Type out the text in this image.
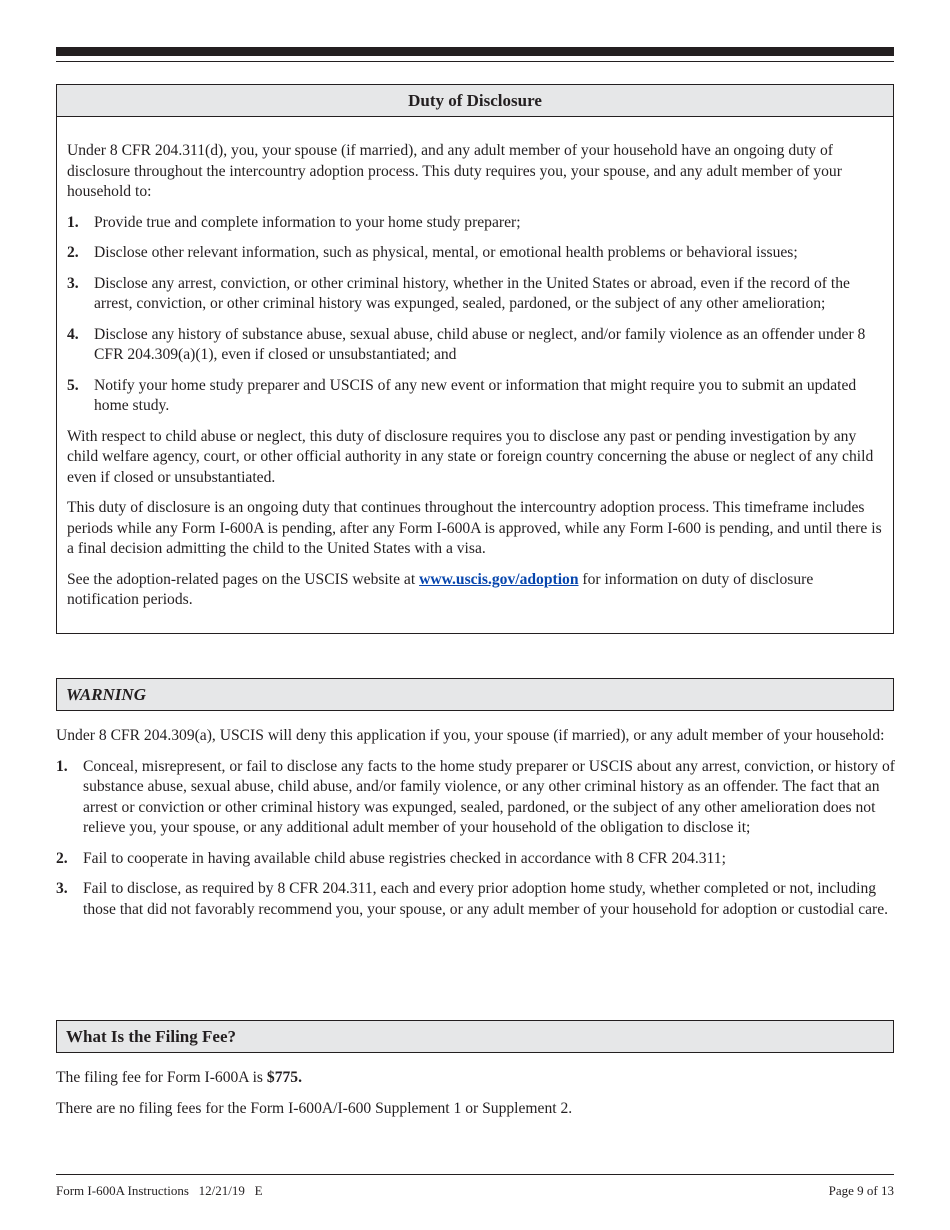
Duty of Disclosure

Under 8 CFR 204.311(d), you, your spouse (if married), and any adult member of your household have an ongoing duty of disclosure throughout the intercountry adoption process. This duty requires you, your spouse, and any adult member of your household to:

1. Provide true and complete information to your home study preparer;
2. Disclose other relevant information, such as physical, mental, or emotional health problems or behavioral issues;
3. Disclose any arrest, conviction, or other criminal history, whether in the United States or abroad, even if the record of the arrest, conviction, or other criminal history was expunged, sealed, pardoned, or the subject of any other amelioration;
4. Disclose any history of substance abuse, sexual abuse, child abuse or neglect, and/or family violence as an offender under 8 CFR 204.309(a)(1), even if closed or unsubstantiated; and
5. Notify your home study preparer and USCIS of any new event or information that might require you to submit an updated home study.

With respect to child abuse or neglect, this duty of disclosure requires you to disclose any past or pending investigation by any child welfare agency, court, or other official authority in any state or foreign country concerning the abuse or neglect of any child even if closed or unsubstantiated.

This duty of disclosure is an ongoing duty that continues throughout the intercountry adoption process. This timeframe includes periods while any Form I-600A is pending, after any Form I-600A is approved, while any Form I-600 is pending, and until there is a final decision admitting the child to the United States with a visa.

See the adoption-related pages on the USCIS website at www.uscis.gov/adoption for information on duty of disclosure notification periods.

WARNING

Under 8 CFR 204.309(a), USCIS will deny this application if you, your spouse (if married), or any adult member of your household:

1. Conceal, misrepresent, or fail to disclose any facts to the home study preparer or USCIS about any arrest, conviction, or history of substance abuse, sexual abuse, child abuse, and/or family violence, or any other criminal history as an offender. The fact that an arrest or conviction or other criminal history was expunged, sealed, pardoned, or the subject of any other amelioration does not relieve you, your spouse, or any additional adult member of your household of the obligation to disclose it;
2. Fail to cooperate in having available child abuse registries checked in accordance with 8 CFR 204.311;
3. Fail to disclose, as required by 8 CFR 204.311, each and every prior adoption home study, whether completed or not, including those that did not favorably recommend you, your spouse, or any adult member of your household for adoption or custodial care.
What Is the Filing Fee?

The filing fee for Form I-600A is $775.

There are no filing fees for the Form I-600A/I-600 Supplement 1 or Supplement 2.

Form I-600A Instructions   12/21/19   E	Page 9 of 13
